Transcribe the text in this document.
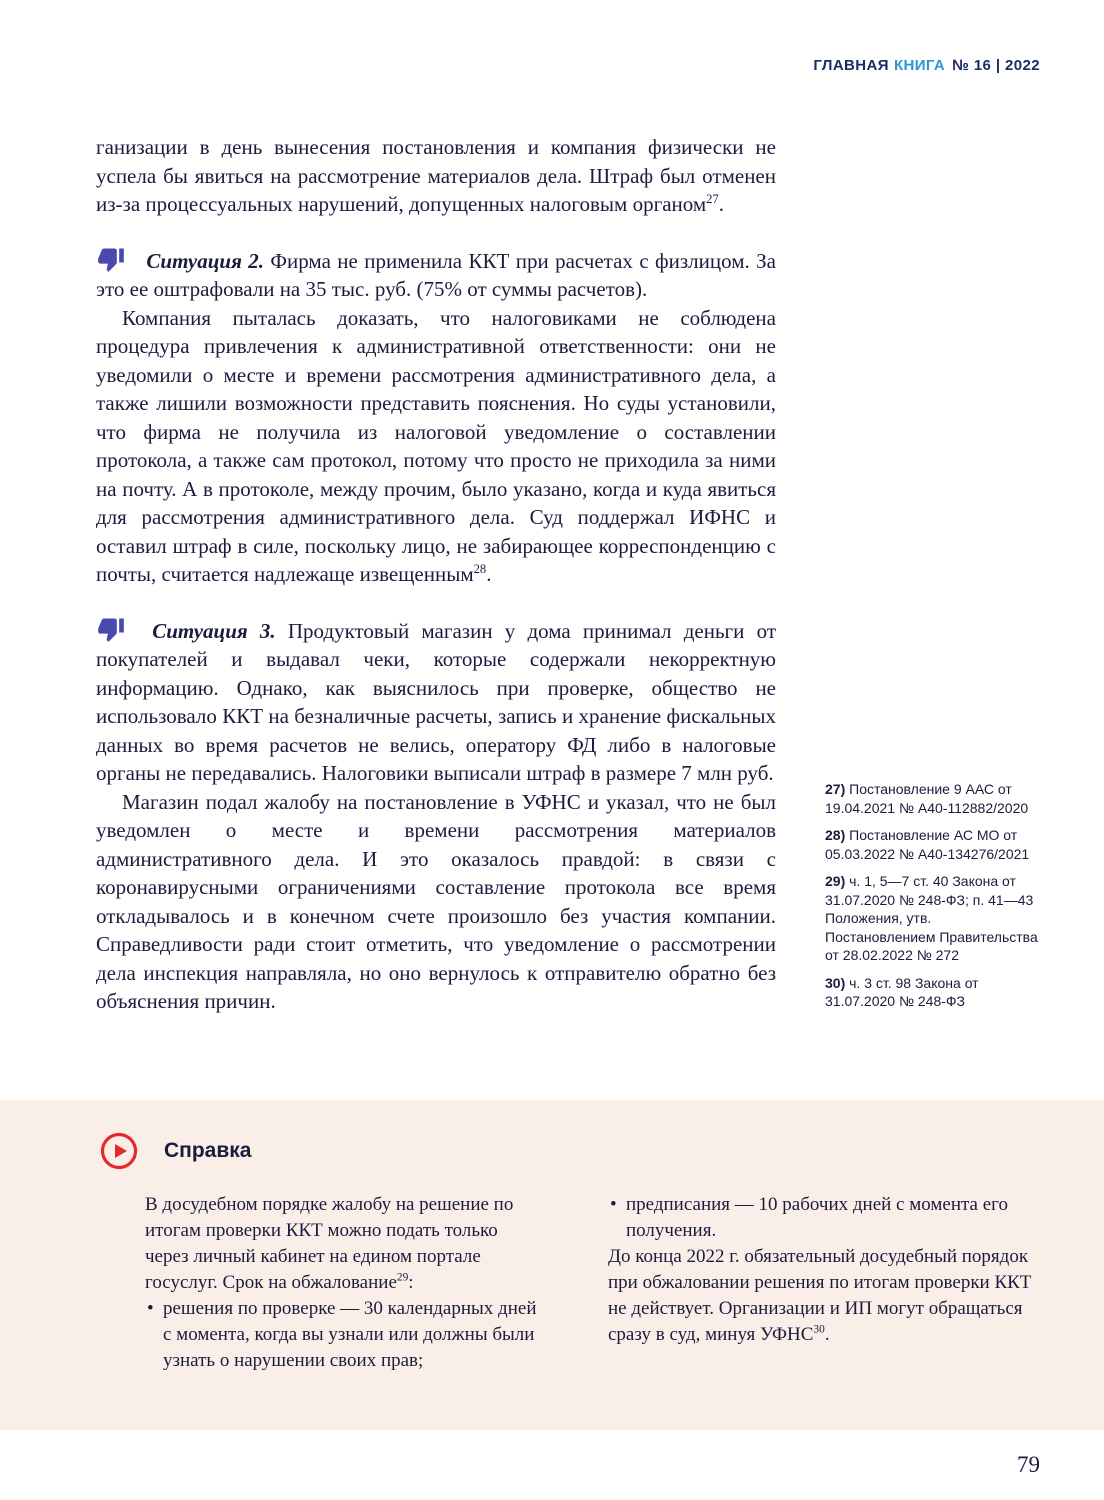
ГЛАВНАЯ КНИГА № 16 | 2022

ганизации в день вынесения постановления и компания физически не успела бы явиться на рассмотрение материалов дела. Штраф был отменен из-за процессуальных нарушений, допущенных налоговым органом$^{27}$.

Ситуация 2. Фирма не применила ККТ при расчетах с физлицом. За это ее оштрафовали на 35 тыс. руб. (75% от суммы расчетов).

Компания пыталась доказать, что налоговиками не соблюдена процедура привлечения к административной ответственности: они не уведомили о месте и времени рассмотрения административного дела, а также лишили возможности представить пояснения. Но суды установили, что фирма не получила из налоговой уведомление о составлении протокола, а также сам протокол, потому что просто не приходила за ними на почту. А в протоколе, между прочим, было указано, когда и куда явиться для рассмотрения административного дела. Суд поддержал ИФНС и оставил штраф в силе, поскольку лицо, не забирающее корреспонденцию с почты, считается надлежаще извещенным$^{28}$.

Ситуация 3. Продуктовый магазин у дома принимал деньги от покупателей и выдавал чеки, которые содержали некорректную информацию. Однако, как выяснилось при проверке, общество не использовало ККТ на безналичные расчеты, запись и хранение фискальных данных во время расчетов не велись, оператору ФД либо в налоговые органы не передавались. Налоговики выписали штраф в размере 7 млн руб.

Магазин подал жалобу на постановление в УФНС и указал, что не был уведомлен о месте и времени рассмотрения материалов административного дела. И это оказалось правдой: в связи с коронавирусными ограничениями составление протокола все время откладывалось и в конечном счете произошло без участия компании. Справедливости ради стоит отметить, что уведомление о рассмотрении дела инспекция направляла, но оно вернулось к отправителю обратно без объяснения причин.

27) Постановление 9 ААС от 19.04.2021 № А40-112882/2020
28) Постановление АС МО от 05.03.2022 № А40-134276/2021
29) ч. 1, 5—7 ст. 40 Закона от 31.07.2020 № 248-ФЗ; п. 41—43 Положения, утв. Постановлением Правительства от 28.02.2022 № 272
30) ч. 3 ст. 98 Закона от 31.07.2020 № 248-ФЗ
Справка

В досудебном порядке жалобу на решение по итогам проверки ККТ можно подать только через личный кабинет на едином портале госуслуг. Срок на обжалование$^{29}$:

• решения по проверке — 30 календарных дней с момента, когда вы узнали или должны были узнать о нарушении своих прав;
• предписания — 10 рабочих дней с момента его получения.

До конца 2022 г. обязательный досудебный порядок при обжаловании решения по итогам проверки ККТ не действует. Организации и ИП могут обращаться сразу в суд, минуя УФНС$^{30}$.

79
